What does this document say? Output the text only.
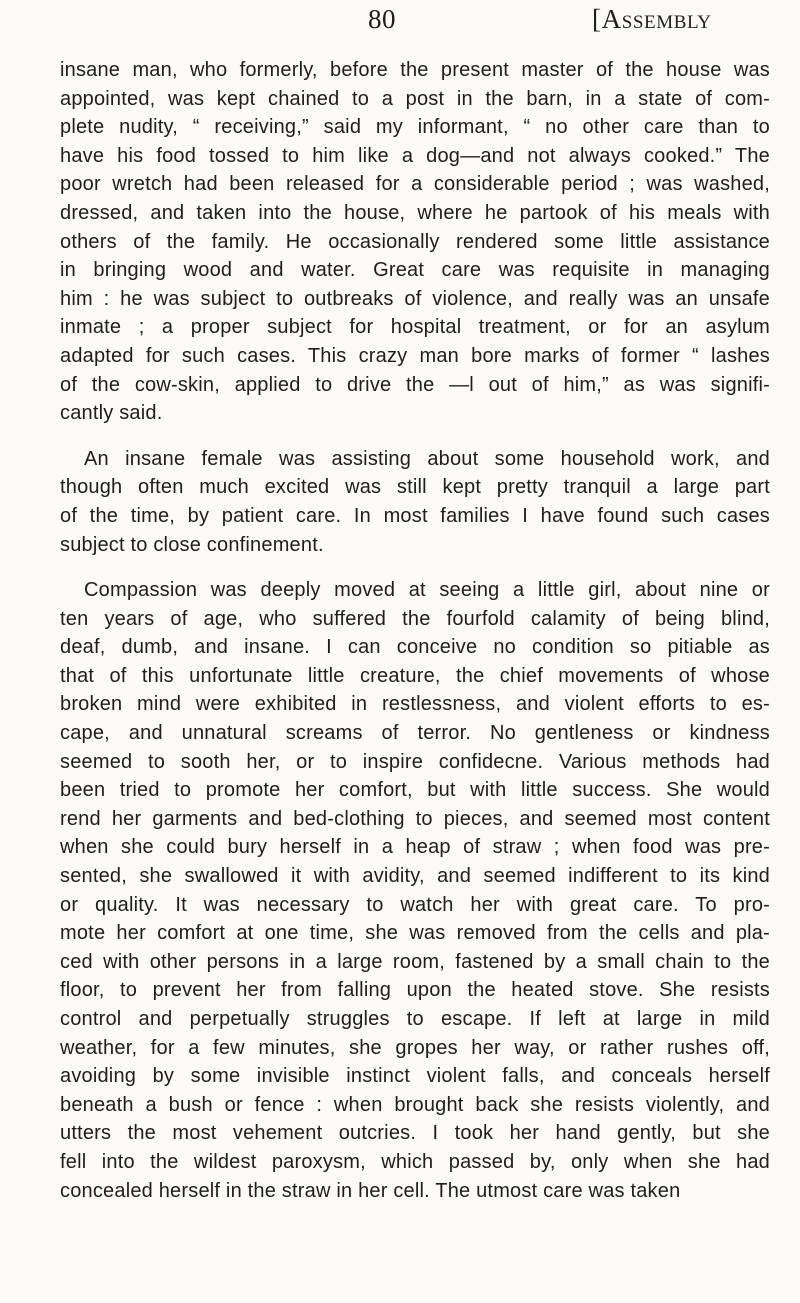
80	[Assembly
insane man, who formerly, before the present master of the house was
appointed, was kept chained to a post in the barn, in a state of com-
plete nudity, “ receiving,” said my informant, “ no other care than to
have his food tossed to him like a dog—and not always cooked.” The
poor wretch had been released for a considerable period ; was washed,
dressed, and taken into the house, where he partook of his meals with
others of the family. He occasionally rendered some little assistance
in bringing wood and water. Great care was requisite in managing
him : he was subject to outbreaks of violence, and really was an unsafe
inmate ; a proper subject for hospital treatment, or for an asylum
adapted for such cases. This crazy man bore marks of former “ lashes
of the cow-skin, applied to drive the —l out of him,” as was signifi-
cantly said.
An insane female was assisting about some household work, and
though often much excited was still kept pretty tranquil a large part
of the time, by patient care. In most families I have found such cases
subject to close confinement.
Compassion was deeply moved at seeing a little girl, about nine or
ten years of age, who suffered the fourfold calamity of being blind,
deaf, dumb, and insane. I can conceive no condition so pitiable as
that of this unfortunate little creature, the chief movements of whose
broken mind were exhibited in restlessness, and violent efforts to es-
cape, and unnatural screams of terror. No gentleness or kindness
seemed to sooth her, or to inspire confidecne. Various methods had
been tried to promote her comfort, but with little success. She would
rend her garments and bed-clothing to pieces, and seemed most content
when she could bury herself in a heap of straw ; when food was pre-
sented, she swallowed it with avidity, and seemed indifferent to its kind
or quality. It was necessary to watch her with great care. To pro-
mote her comfort at one time, she was removed from the cells and pla-
ced with other persons in a large room, fastened by a small chain to the
floor, to prevent her from falling upon the heated stove. She resists
control and perpetually struggles to escape. If left at large in mild
weather, for a few minutes, she gropes her way, or rather rushes off,
avoiding by some invisible instinct violent falls, and conceals herself
beneath a bush or fence : when brought back she resists violently, and
utters the most vehement outcries. I took her hand gently, but she
fell into the wildest paroxysm, which passed by, only when she had
concealed herself in the straw in her cell. The utmost care was taken
